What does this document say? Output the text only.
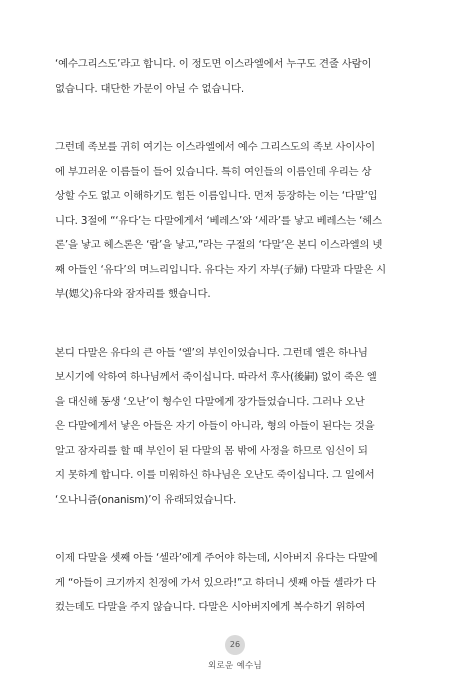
‘예수그리스도’라고 합니다. 이 정도면 이스라엘에서 누구도 견줄 사람이
없습니다. 대단한 가문이 아닐 수 없습니다.

그런데 족보를 귀히 여기는 이스라엘에서 예수 그리스도의 족보 사이사이
에 부끄러운 이름들이 들어 있습니다. 특히 여인들의 이름인데 우리는 상
상할 수도 없고 이해하기도 힘든 이름입니다. 먼저 등장하는 이는 ‘다말’입
니다. 3절에 “‘유다’는 다말에게서 ‘베레스’와 ‘세라’를 낳고 베레스는 ‘헤스
론’을 낳고 헤스론은 ‘람’을 낳고,”라는 구절의 ‘다말’은 본디 이스라엘의 넷
째 아들인 ‘유다’의 며느리입니다. 유다는 자기 자부(子婦) 다말과 다말은 시
부(媤父)유다와 잠자리를 했습니다.

본디 다말은 유다의 큰 아들 ‘엘’의 부인이었습니다. 그런데 엘은 하나님
보시기에 악하여 하나님께서 죽이십니다. 따라서 후사(後嗣) 없이 죽은 엘
을 대신해 동생 ‘오난’이 형수인 다말에게 장가들었습니다. 그러나 오난
은 다말에게서 낳은 아들은 자기 아들이 아니라, 형의 아들이 된다는 것을
알고 잠자리를 할 때 부인이 된 다말의 몸 밖에 사정을 하므로 임신이 되
지 못하게 합니다. 이를 미워하신 하나님은 오난도 죽이십니다. 그 일에서
‘오나니즘(onanism)’이 유래되었습니다.

이제 다말을 셋째 아들 ‘셀라’에게 주어야 하는데, 시아버지 유다는 다말에
게 “아들이 크기까지 친정에 가서 있으라!”고 하더니 셋째 아들 셀라가 다
컸는데도 다말을 주지 않습니다. 다말은 시아버지에게 복수하기 위하여

26
외로운 예수님
